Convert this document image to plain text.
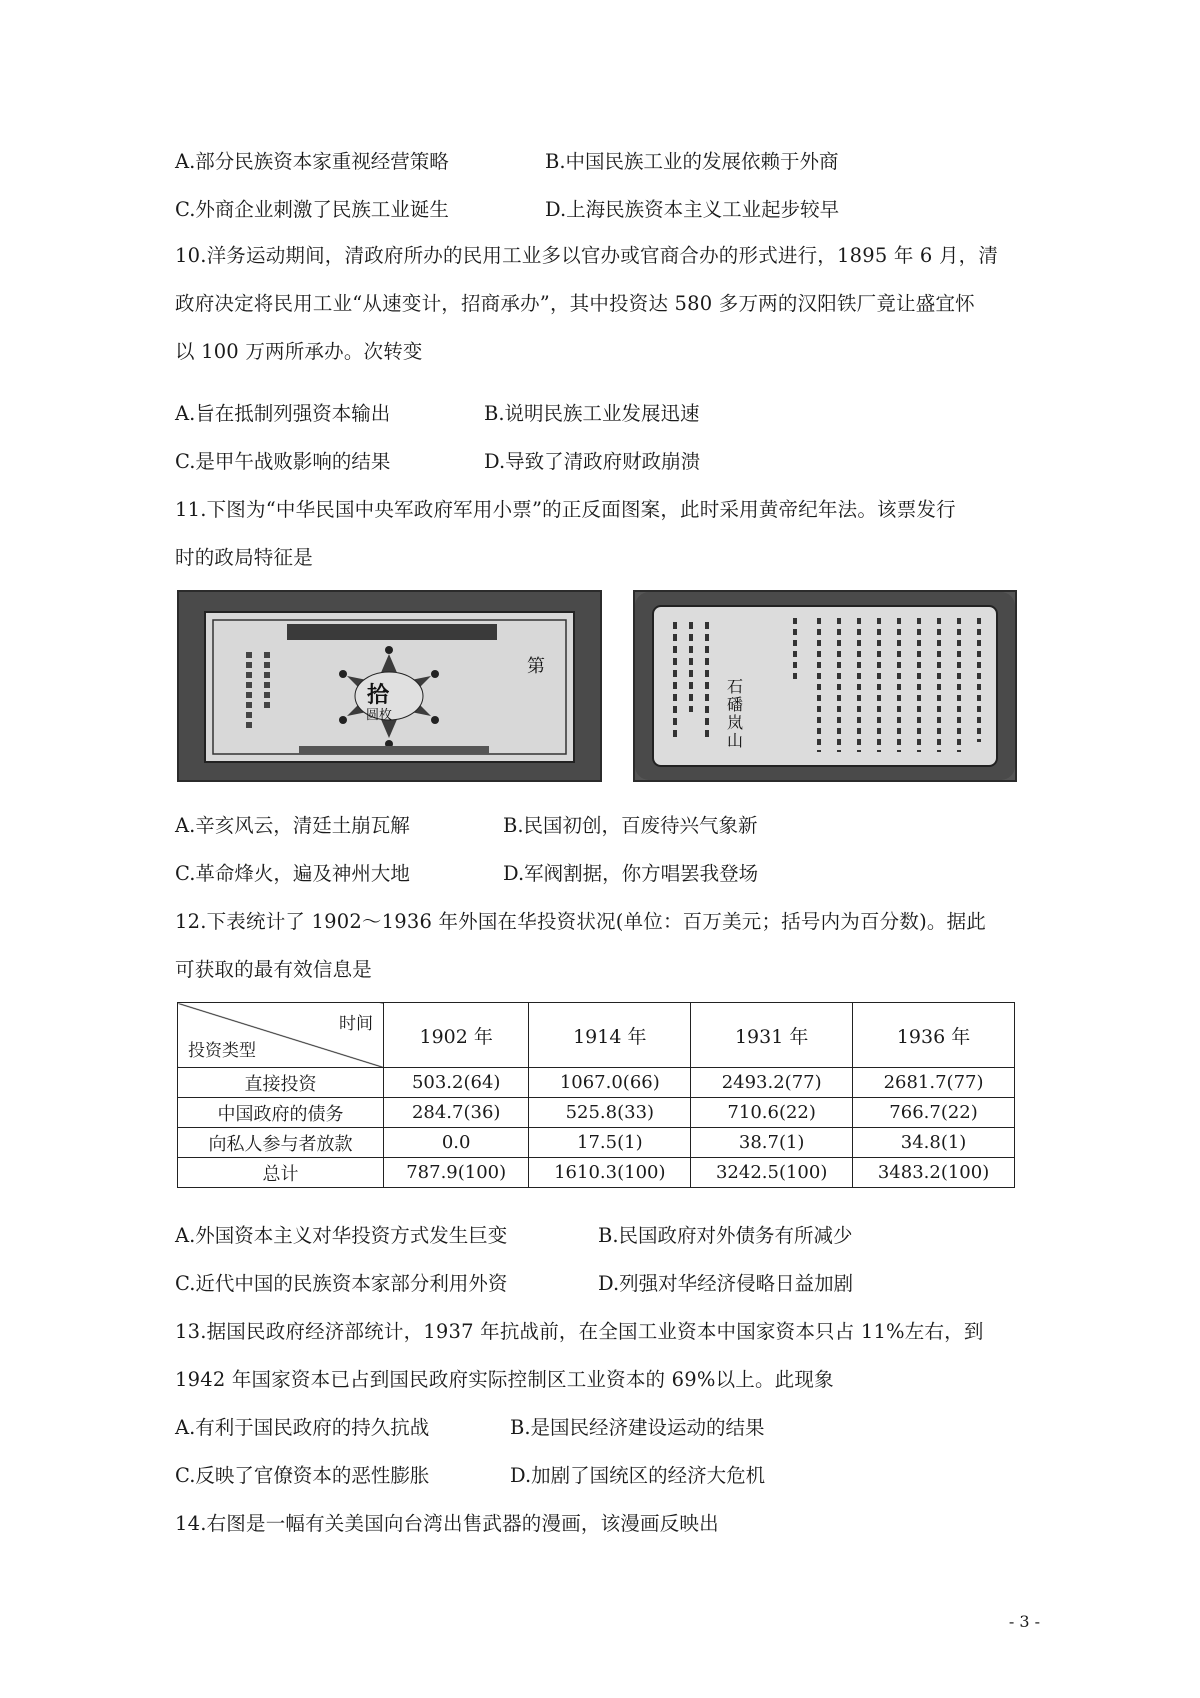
A.部分民族资本家重视经营策略	B.中国民族工业的发展依赖于外商
C.外商企业刺激了民族工业诞生	D.上海民族资本主义工业起步较早
10.洋务运动期间，清政府所办的民用工业多以官办或官商合办的形式进行，1895 年 6 月，清
政府决定将民用工业“从速变计，招商承办”，其中投资达 580 多万两的汉阳铁厂竟让盛宜怀
以 100 万两所承办。次转变
A.旨在抵制列强资本输出	B.说明民族工业发展迅速
C.是甲午战败影响的结果	D.导致了清政府财政崩溃
11.下图为“中华民国中央军政府军用小票”的正反面图案，此时采用黄帝纪年法。该票发行
时的政局特征是
拾
圆枚
第
石磻岚山
A.辛亥风云，清廷土崩瓦解	B.民国初创，百废待兴气象新
C.革命烽火，遍及神州大地	D.军阀割据，你方唱罢我登场
12.下表统计了 1902～1936 年外国在华投资状况(单位：百万美元；括号内为百分数)。据此
可获取的最有效信息是
时间
投资类型	1902 年	1914 年	1931 年	1936 年
直接投资	503.2(64)	1067.0(66)	2493.2(77)	2681.7(77)
中国政府的债务	284.7(36)	525.8(33)	710.6(22)	766.7(22)
向私人参与者放款	0.0	17.5(1)	38.7(1)	34.8(1)
总计	787.9(100)	1610.3(100)	3242.5(100)	3483.2(100)
A.外国资本主义对华投资方式发生巨变	B.民国政府对外债务有所减少
C.近代中国的民族资本家部分利用外资	D.列强对华经济侵略日益加剧
13.据国民政府经济部统计，1937 年抗战前，在全国工业资本中国家资本只占 11%左右，到
1942 年国家资本已占到国民政府实际控制区工业资本的 69%以上。此现象
A.有利于国民政府的持久抗战	B.是国民经济建设运动的结果
C.反映了官僚资本的恶性膨胀	D.加剧了国统区的经济大危机
14.右图是一幅有关美国向台湾出售武器的漫画，该漫画反映出
- 3 -
